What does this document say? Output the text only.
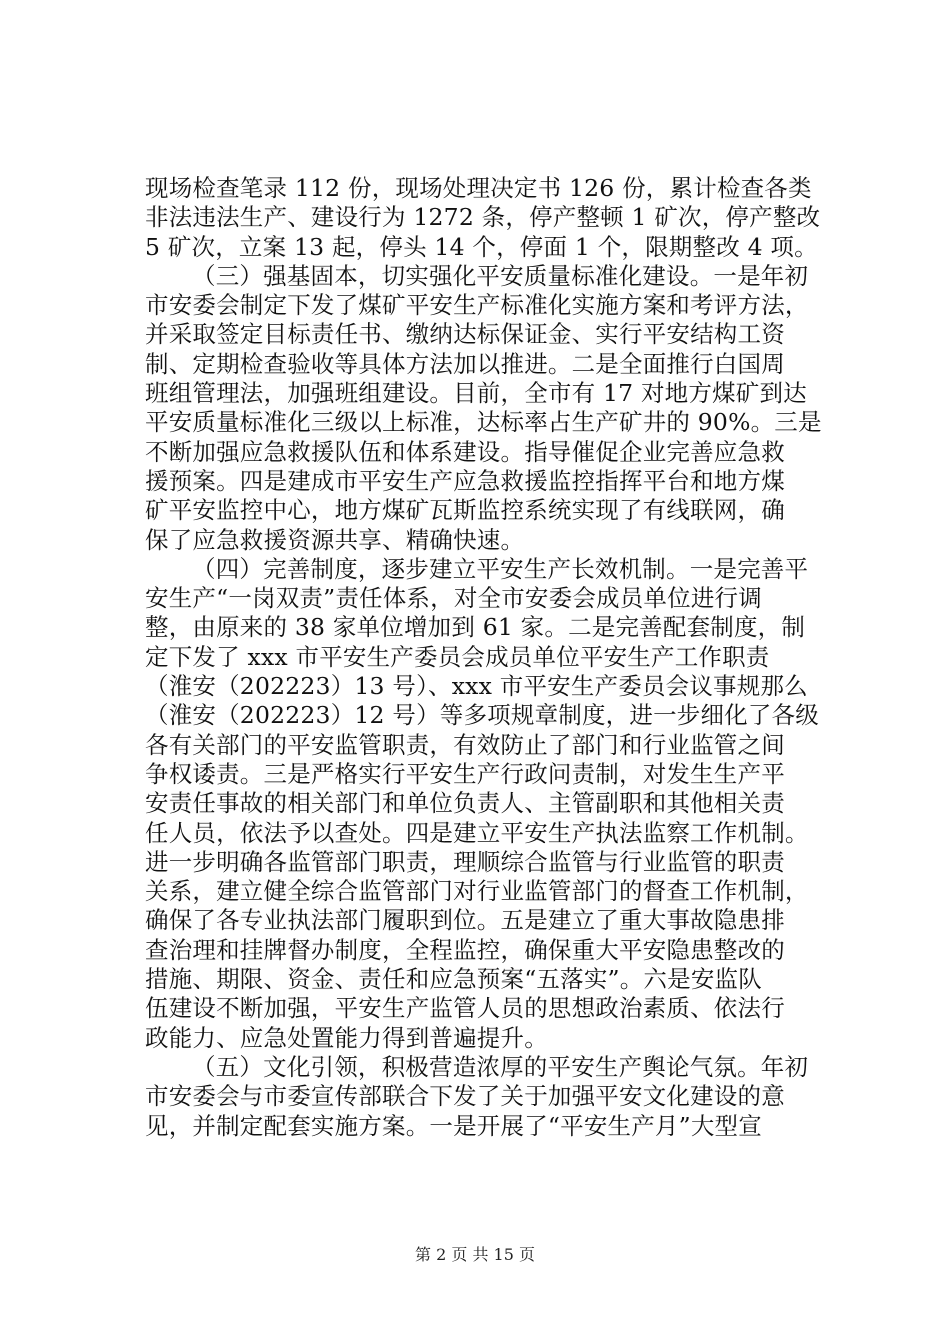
现场检查笔录 112 份，现场处理决定书 126 份，累计检查各类
非法违法生产、建设行为 1272 条，停产整顿 1 矿次，停产整改
5 矿次，立案 13 起，停头 14 个，停面 1 个，限期整改 4 项。
（三）强基固本，切实强化平安质量标准化建设。一是年初
市安委会制定下发了煤矿平安生产标准化实施方案和考评方法，
并采取签定目标责任书、缴纳达标保证金、实行平安结构工资
制、定期检查验收等具体方法加以推进。二是全面推行白国周
班组管理法，加强班组建设。目前，全市有 17 对地方煤矿到达
平安质量标准化三级以上标准，达标率占生产矿井的 90%。三是
不断加强应急救援队伍和体系建设。指导催促企业完善应急救
援预案。四是建成市平安生产应急救援监控指挥平台和地方煤
矿平安监控中心，地方煤矿瓦斯监控系统实现了有线联网，确
保了应急救援资源共享、精确快速。
（四）完善制度，逐步建立平安生产长效机制。一是完善平
安生产“一岗双责”责任体系，对全市安委会成员单位进行调
整，由原来的 38 家单位增加到 61 家。二是完善配套制度，制
定下发了 xxx 市平安生产委员会成员单位平安生产工作职责
（淮安（202223）13 号）、xxx 市平安生产委员会议事规那么
（淮安（202223）12 号）等多项规章制度，进一步细化了各级
各有关部门的平安监管职责，有效防止了部门和行业监管之间
争权诿责。三是严格实行平安生产行政问责制，对发生生产平
安责任事故的相关部门和单位负责人、主管副职和其他相关责
任人员，依法予以查处。四是建立平安生产执法监察工作机制。
进一步明确各监管部门职责，理顺综合监管与行业监管的职责
关系，建立健全综合监管部门对行业监管部门的督查工作机制，
确保了各专业执法部门履职到位。五是建立了重大事故隐患排
查治理和挂牌督办制度，全程监控，确保重大平安隐患整改的
措施、期限、资金、责任和应急预案“五落实”。六是安监队
伍建设不断加强，平安生产监管人员的思想政治素质、依法行
政能力、应急处置能力得到普遍提升。
（五）文化引领，积极营造浓厚的平安生产舆论气氛。年初
市安委会与市委宣传部联合下发了关于加强平安文化建设的意
见，并制定配套实施方案。一是开展了“平安生产月”大型宣
第 2 页 共 15 页
